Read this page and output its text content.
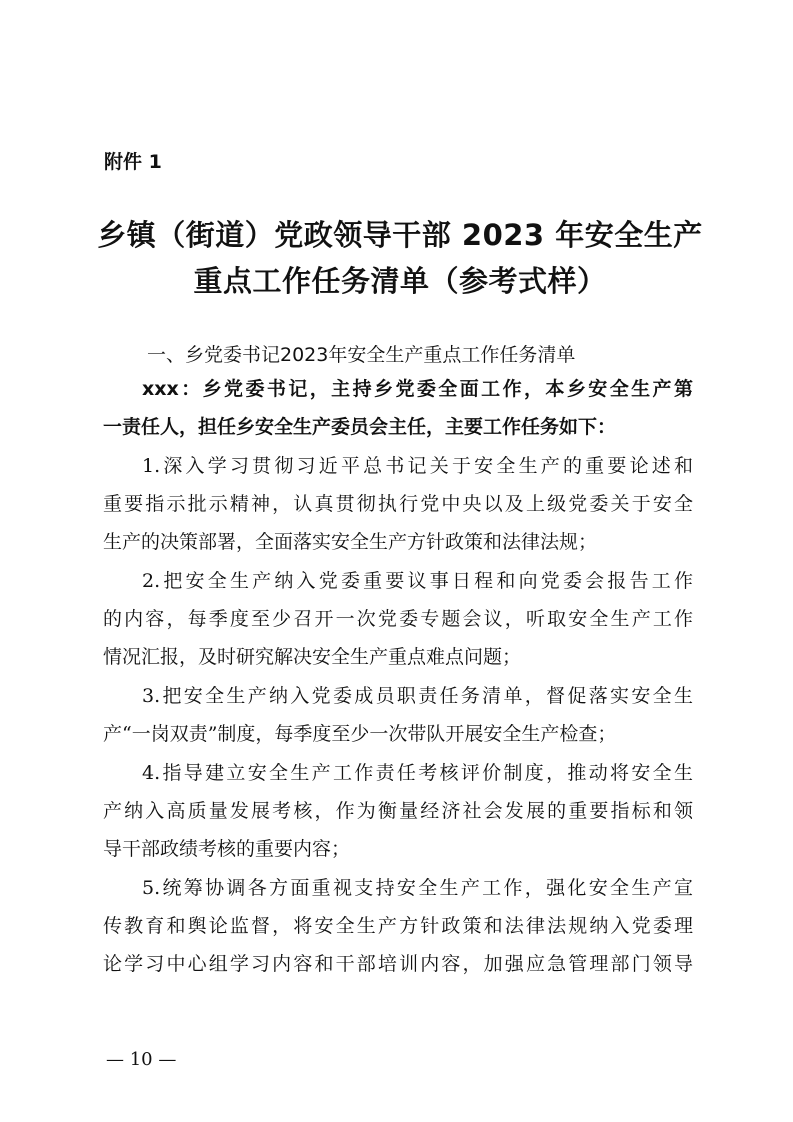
附件 1
乡镇（街道）党政领导干部 2023 年安全生产
重点工作任务清单（参考式样）
一、乡党委书记2023年安全生产重点工作任务清单
xxx：乡党委书记，主持乡党委全面工作，本乡安全生产第
一责任人，担任乡安全生产委员会主任，主要工作任务如下：
1.深入学习贯彻习近平总书记关于安全生产的重要论述和
重要指示批示精神，认真贯彻执行党中央以及上级党委关于安全
生产的决策部署，全面落实安全生产方针政策和法律法规；
2.把安全生产纳入党委重要议事日程和向党委会报告工作
的内容，每季度至少召开一次党委专题会议，听取安全生产工作
情况汇报，及时研究解决安全生产重点难点问题；
3.把安全生产纳入党委成员职责任务清单，督促落实安全生
产“一岗双责”制度，每季度至少一次带队开展安全生产检查；
4.指导建立安全生产工作责任考核评价制度，推动将安全生
产纳入高质量发展考核，作为衡量经济社会发展的重要指标和领
导干部政绩考核的重要内容；
5.统筹协调各方面重视支持安全生产工作，强化安全生产宣
传教育和舆论监督，将安全生产方针政策和法律法规纳入党委理
论学习中心组学习内容和干部培训内容，加强应急管理部门领导
— 10 —
